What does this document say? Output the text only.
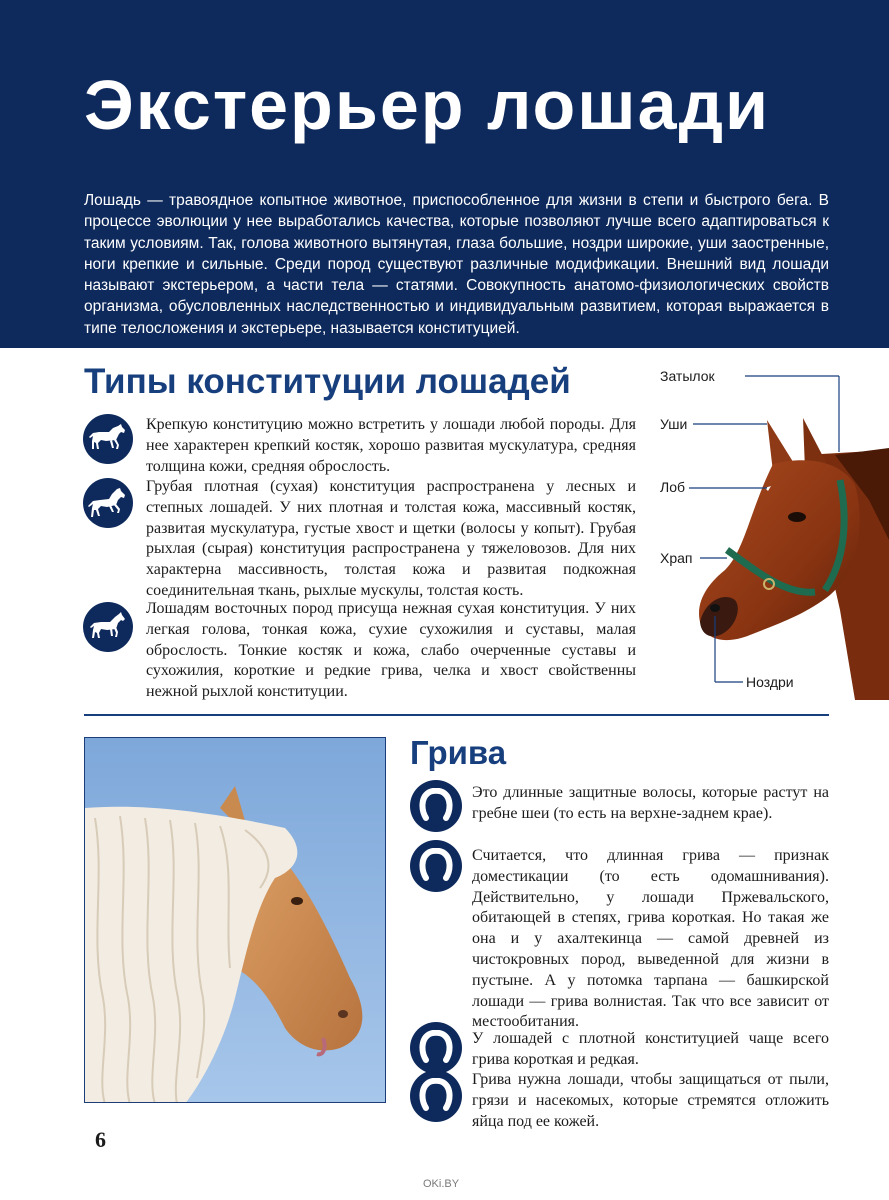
Экстерьер лошади

Лошадь — травоядное копытное животное, приспособленное для жизни в степи и быстрого бега. В процессе эволюции у нее выработались качества, которые позволяют лучше всего адаптироваться к таким условиям. Так, голова животного вытянутая, глаза большие, ноздри широкие, уши заостренные, ноги крепкие и сильные. Среди пород существуют различные модификации. Внешний вид лошади называют экстерьером, а части тела — статями. Совокупность анатомо-физиологических свойств организма, обусловленных наследственностью и индивидуальным развитием, которая выражается в типе телосложения и экстерьере, называется конституцией.

Типы конституции лошадей

Крепкую конституцию можно встретить у лошади любой породы. Для нее характерен крепкий костяк, хорошо развитая мускулатура, средняя толщина кожи, средняя оброслость.

Грубая плотная (сухая) конституция распространена у лесных и степных лошадей. У них плотная и толстая кожа, массивный костяк, развитая мускулатура, густые хвост и щетки (волосы у копыт). Грубая рыхлая (сырая) конституция распространена у тяжеловозов. Для них характерна массивность, толстая кожа и развитая подкожная соединительная ткань, рыхлые мускулы, толстая кость.

Лошадям восточных пород присуща нежная сухая конституция. У них легкая голова, тонкая кожа, сухие сухожилия и суставы, малая оброслость. Тонкие костяк и кожа, слабо очерченные суставы и сухожилия, короткие и редкие грива, челка и хвост свойственны нежной рыхлой конституции.

Затылок
Уши
Лоб
Храп
Ноздри
Грива

Это длинные защитные волосы, которые растут на гребне шеи (то есть на верхне-заднем крае).

Считается, что длинная грива — признак доместикации (то есть одомашнивания). Действительно, у лошади Пржевальского, обитающей в степях, грива короткая. Но такая же она и у ахалтекинца — самой древней из чистокровных пород, выведенной для жизни в пустыне. А у потомка тарпана — башкирской лошади — грива волнистая. Так что все зависит от местообитания.

У лошадей с плотной конституцией чаще всего грива короткая и редкая.

Грива нужна лошади, чтобы защищаться от пыли, грязи и насекомых, которые стремятся отложить яйца под ее кожей.

6
OKi.BY
